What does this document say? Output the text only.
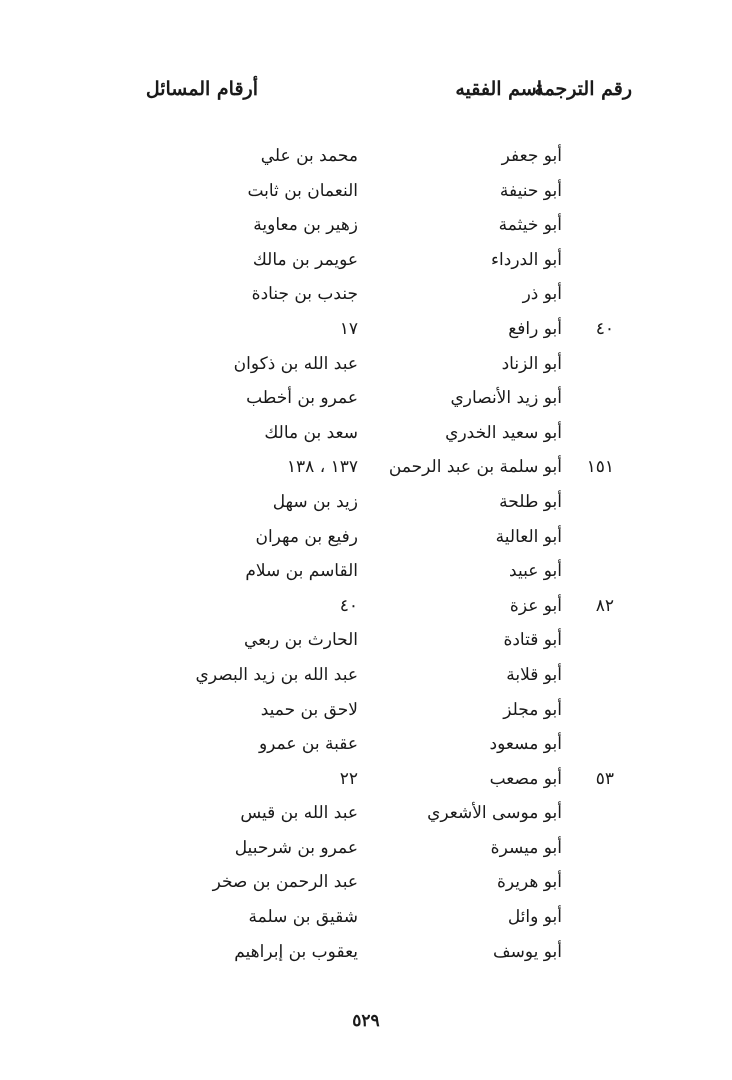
رقم الترجمة
اسم الفقيه
أرقام المسائل
أبو جعفر
محمد بن علي
أبو حنيفة
النعمان بن ثابت
أبو خيثمة
زهير بن معاوية
أبو الدرداء
عويمر بن مالك
أبو ذر
جندب بن جنادة
٤٠
أبو رافع
١٧
أبو الزناد
عبد الله بن ذكوان
أبو زيد الأنصاري
عمرو بن أخطب
أبو سعيد الخدري
سعد بن مالك
١٥١
أبو سلمة بن عبد الرحمن
١٣٧ ، ١٣٨
أبو طلحة
زيد بن سهل
أبو العالية
رفيع بن مهران
أبو عبيد
القاسم بن سلام
٨٢
أبو عزة
٤٠
أبو قتادة
الحارث بن ربعي
أبو قلابة
عبد الله بن زيد البصري
أبو مجلز
لاحق بن حميد
أبو مسعود
عقبة بن عمرو
٥٣
أبو مصعب
٢٢
أبو موسى الأشعري
عبد الله بن قيس
أبو ميسرة
عمرو بن شرحبيل
أبو هريرة
عبد الرحمن بن صخر
أبو وائل
شقيق بن سلمة
أبو يوسف
يعقوب بن إبراهيم
٥٢٩
